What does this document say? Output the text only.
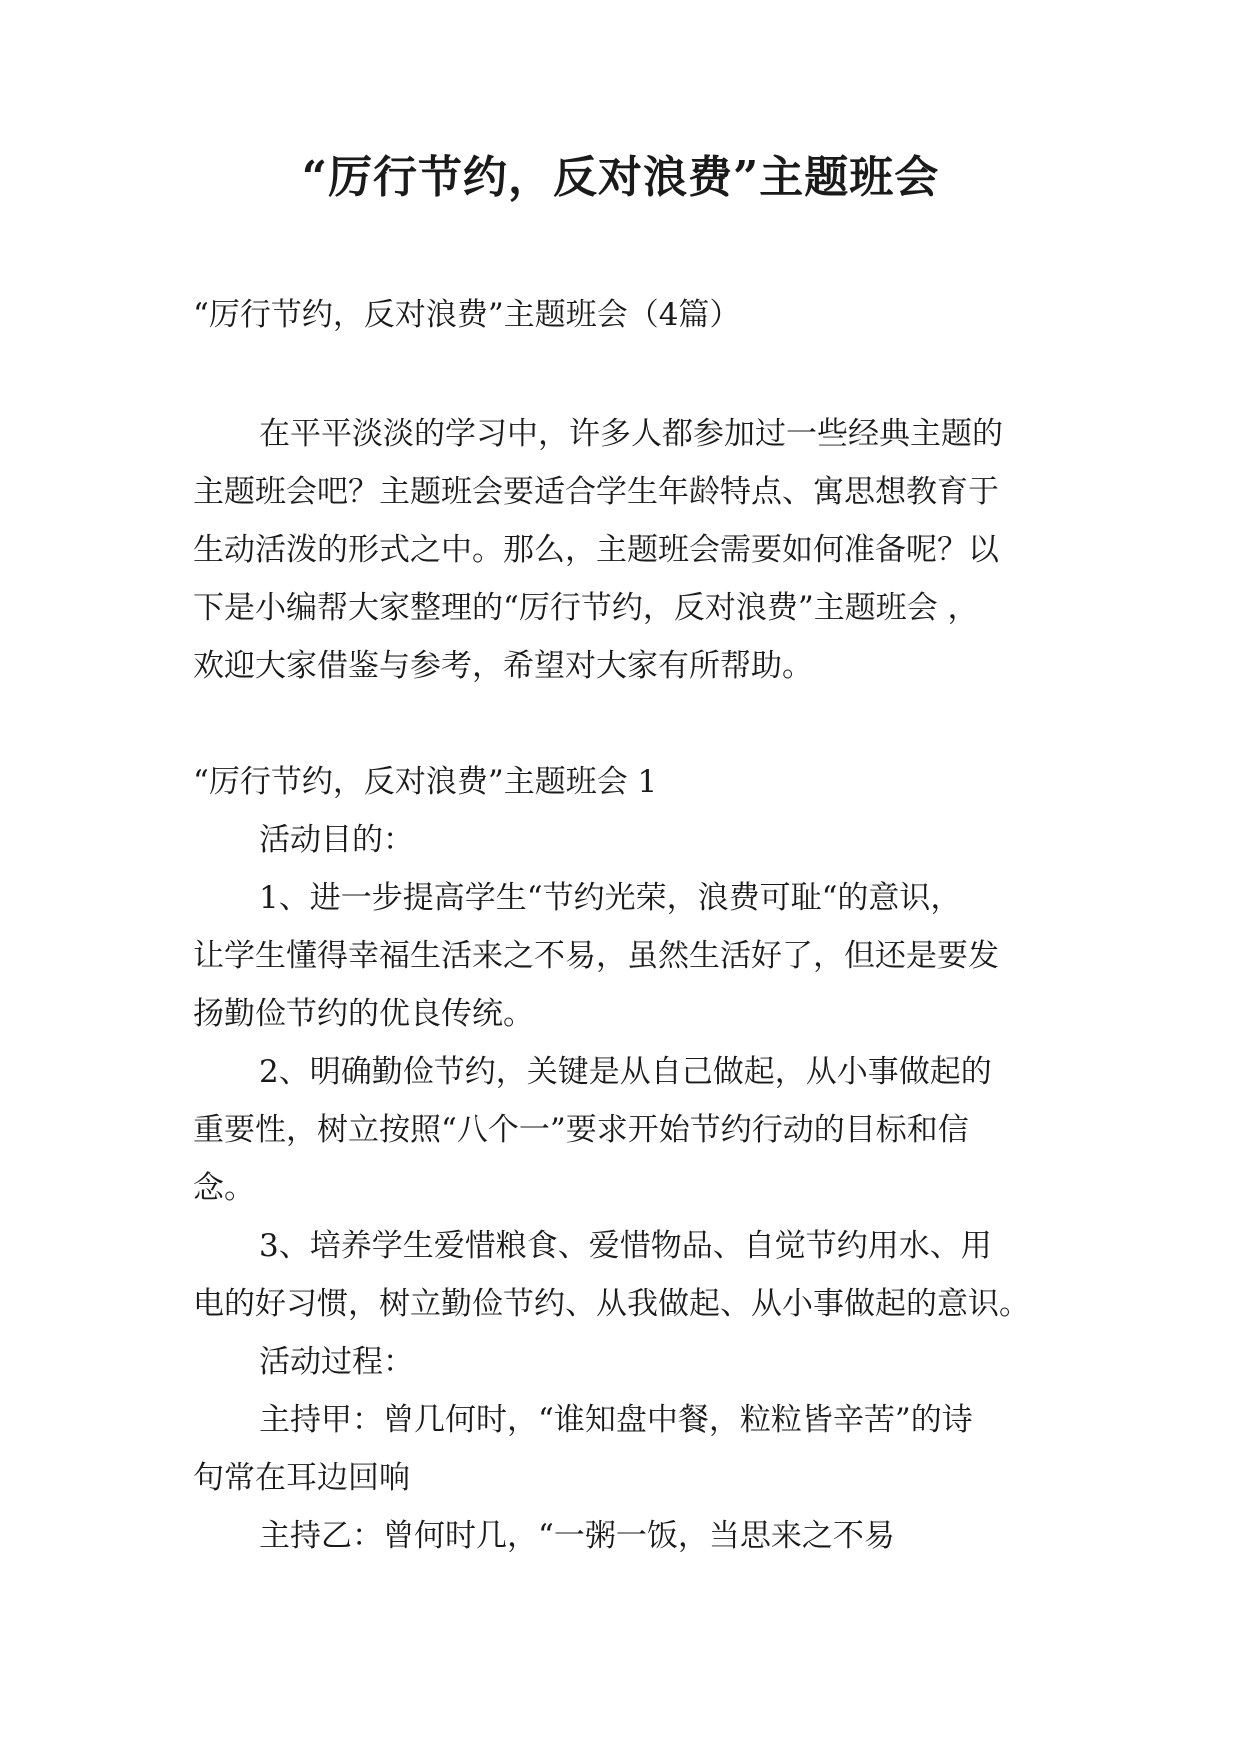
“厉行节约，反对浪费”主题班会
“厉行节约，反对浪费”主题班会（4篇）
在平平淡淡的学习中，许多人都参加过一些经典主题的
主题班会吧？主题班会要适合学生年龄特点、寓思想教育于
生动活泼的形式之中。那么，主题班会需要如何准备呢？以
下是小编帮大家整理的“厉行节约，反对浪费”主题班会 ，
欢迎大家借鉴与参考，希望对大家有所帮助。
“厉行节约，反对浪费”主题班会 1
活动目的：
1、进一步提高学生“节约光荣，浪费可耻“的意识，
让学生懂得幸福生活来之不易，虽然生活好了，但还是要发
扬勤俭节约的优良传统。
2、明确勤俭节约，关键是从自己做起，从小事做起的
重要性，树立按照“八个一”要求开始节约行动的目标和信
念。
3、培养学生爱惜粮食、爱惜物品、自觉节约用水、用
电的好习惯，树立勤俭节约、从我做起、从小事做起的意识。
活动过程：
主持甲：曾几何时，“谁知盘中餐，粒粒皆辛苦”的诗
句常在耳边回响
主持乙：曾何时几，“一粥一饭，当思来之不易
